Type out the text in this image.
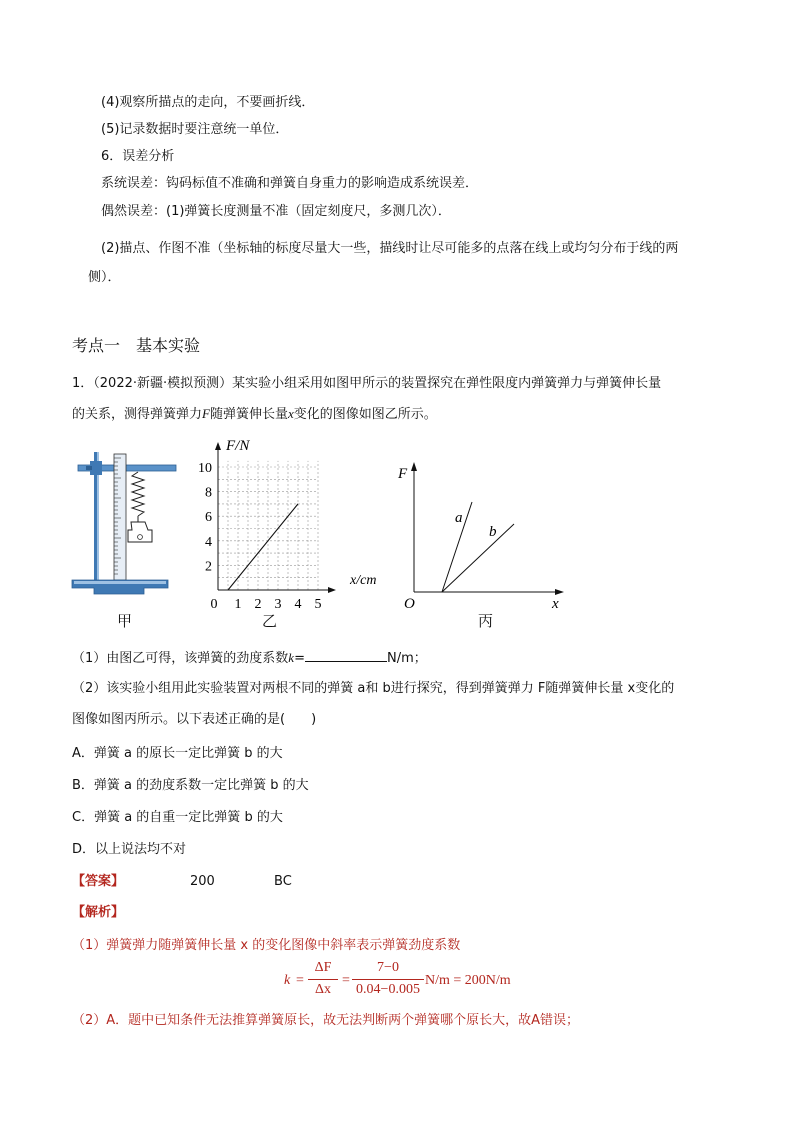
(4)观察所描点的走向，不要画折线．
(5)记录数据时要注意统一单位．
6．误差分析
系统误差：钩码标值不准确和弹簧自身重力的影响造成系统误差．
偶然误差：(1)弹簧长度测量不准（固定刻度尺，多测几次）．
(2)描点、作图不准（坐标轴的标度尽量大一些，描线时让尽可能多的点落在线上或均匀分布于线的两
侧）．
考点一　基本实验
1．（2022·新疆·模拟预测）某实验小组采用如图甲所示的装置探究在弹性限度内弹簧弹力与弹簧伸长量
的关系，测得弹簧弹力F随弹簧伸长量x变化的图像如图乙所示。
甲
2
4
6
8
10
0 1 2 3 4 5
F/N
x/cm
乙
F
x
O
a
b
丙
（1）由图乙可得，该弹簧的劲度系数k=	N/m；
（2）该实验小组用此实验装置对两根不同的弹簧 a和 b进行探究，得到弹簧弹力 F随弹簧伸长量 x变化的
图像如图丙所示。以下表述正确的是(　　)
A．弹簧 a 的原长一定比弹簧 b 的大
B．弹簧 a 的劲度系数一定比弹簧 b 的大
C．弹簧 a 的自重一定比弹簧 b 的大
D．以上说法均不对
【答案】	200	BC
【解析】
（1）弹簧弹力随弹簧伸长量 x 的变化图像中斜率表示弹簧劲度系数
k =
ΔF
Δx
=
7−0
0.04−0.005
N/m = 200N/m
（2）A．题中已知条件无法推算弹簧原长，故无法判断两个弹簧哪个原长大，故A错误；
